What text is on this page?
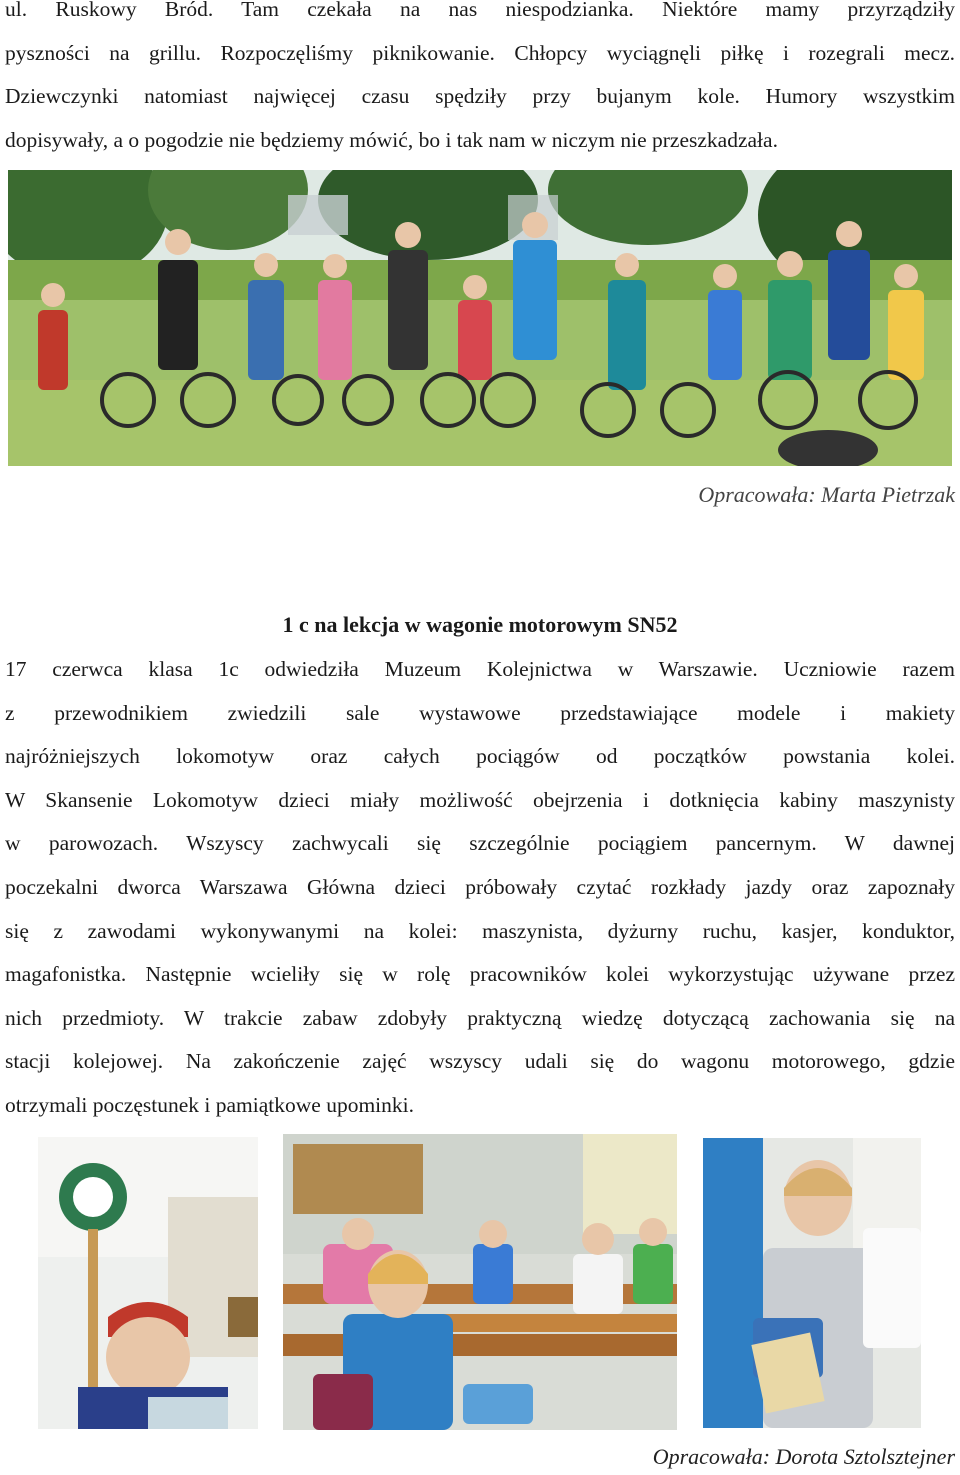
ul. Ruskowy Bród. Tam czekała na nas niespodzianka. Niektóre mamy przyrządziły
pyszności na grillu. Rozpoczęliśmy piknikowanie. Chłopcy wyciągnęli piłkę i rozegrali mecz.
Dziewczynki natomiast najwięcej czasu spędziły przy bujanym kole. Humory wszystkim
dopisywały, a o pogodzie nie będziemy mówić, bo i tak nam w niczym nie przeszkadzała.

Opracowała: Marta Pietrzak

1 c na lekcja w wagonie motorowym SN52
17 czerwca klasa 1c odwiedziła Muzeum Kolejnictwa w Warszawie. Uczniowie razem
z przewodnikiem zwiedzili sale wystawowe przedstawiające modele i makiety
najróżniejszych lokomotyw oraz całych pociągów od początków powstania kolei.
W Skansenie Lokomotyw dzieci miały możliwość obejrzenia i dotknięcia kabiny maszynisty
w parowozach. Wszyscy zachwycali się szczególnie pociągiem pancernym. W dawnej
poczekalni dworca Warszawa Główna dzieci próbowały czytać rozkłady jazdy oraz zapoznały
się z zawodami wykonywanymi na kolei: maszynista, dyżurny ruchu, kasjer, konduktor,
magafonistka. Następnie wcieliły się w rolę pracowników kolei wykorzystując używane przez
nich przedmioty. W trakcie zabaw zdobyły praktyczną wiedzę dotyczącą zachowania się na
stacji kolejowej. Na zakończenie zajęć wszyscy udali się do wagonu motorowego, gdzie
otrzymali poczęstunek i pamiątkowe upominki.

Opracowała: Dorota Sztolsztejner
